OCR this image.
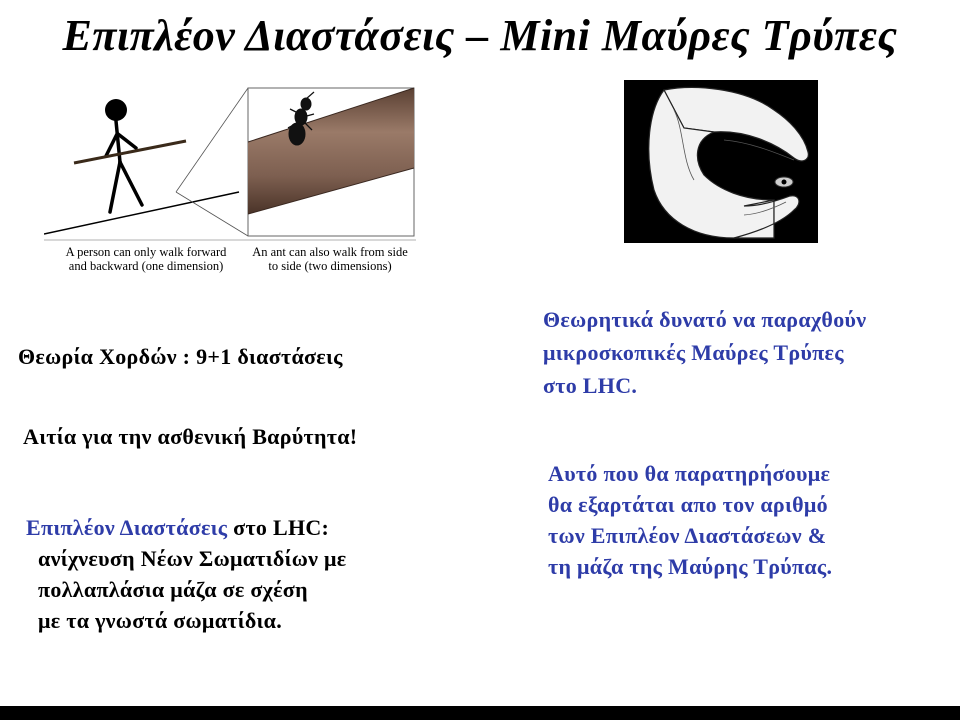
Επιπλέον Διαστάσεις – Mini Μαύρες Τρύπες
A person can only walk forward
and backward (one dimension)
An ant can also walk from side
to side (two dimensions)
Θεωρία Χορδών : 9+1 διαστάσεις
Αιτία για την ασθενική Βαρύτητα!
Επιπλέον Διαστάσεις στο LHC:
ανίχνευση Νέων Σωματιδίων με
πολλαπλάσια μάζα σε σχέση
με τα γνωστά σωματίδια.
Θεωρητικά δυνατό να παραχθούν
μικροσκοπικές Μαύρες Τρύπες
στο LHC.
Αυτό που θα παρατηρήσουμε
θα εξαρτάται απο τον αριθμό
των Επιπλέον Διαστάσεων &
τη μάζα της Μαύρης Τρύπας.
